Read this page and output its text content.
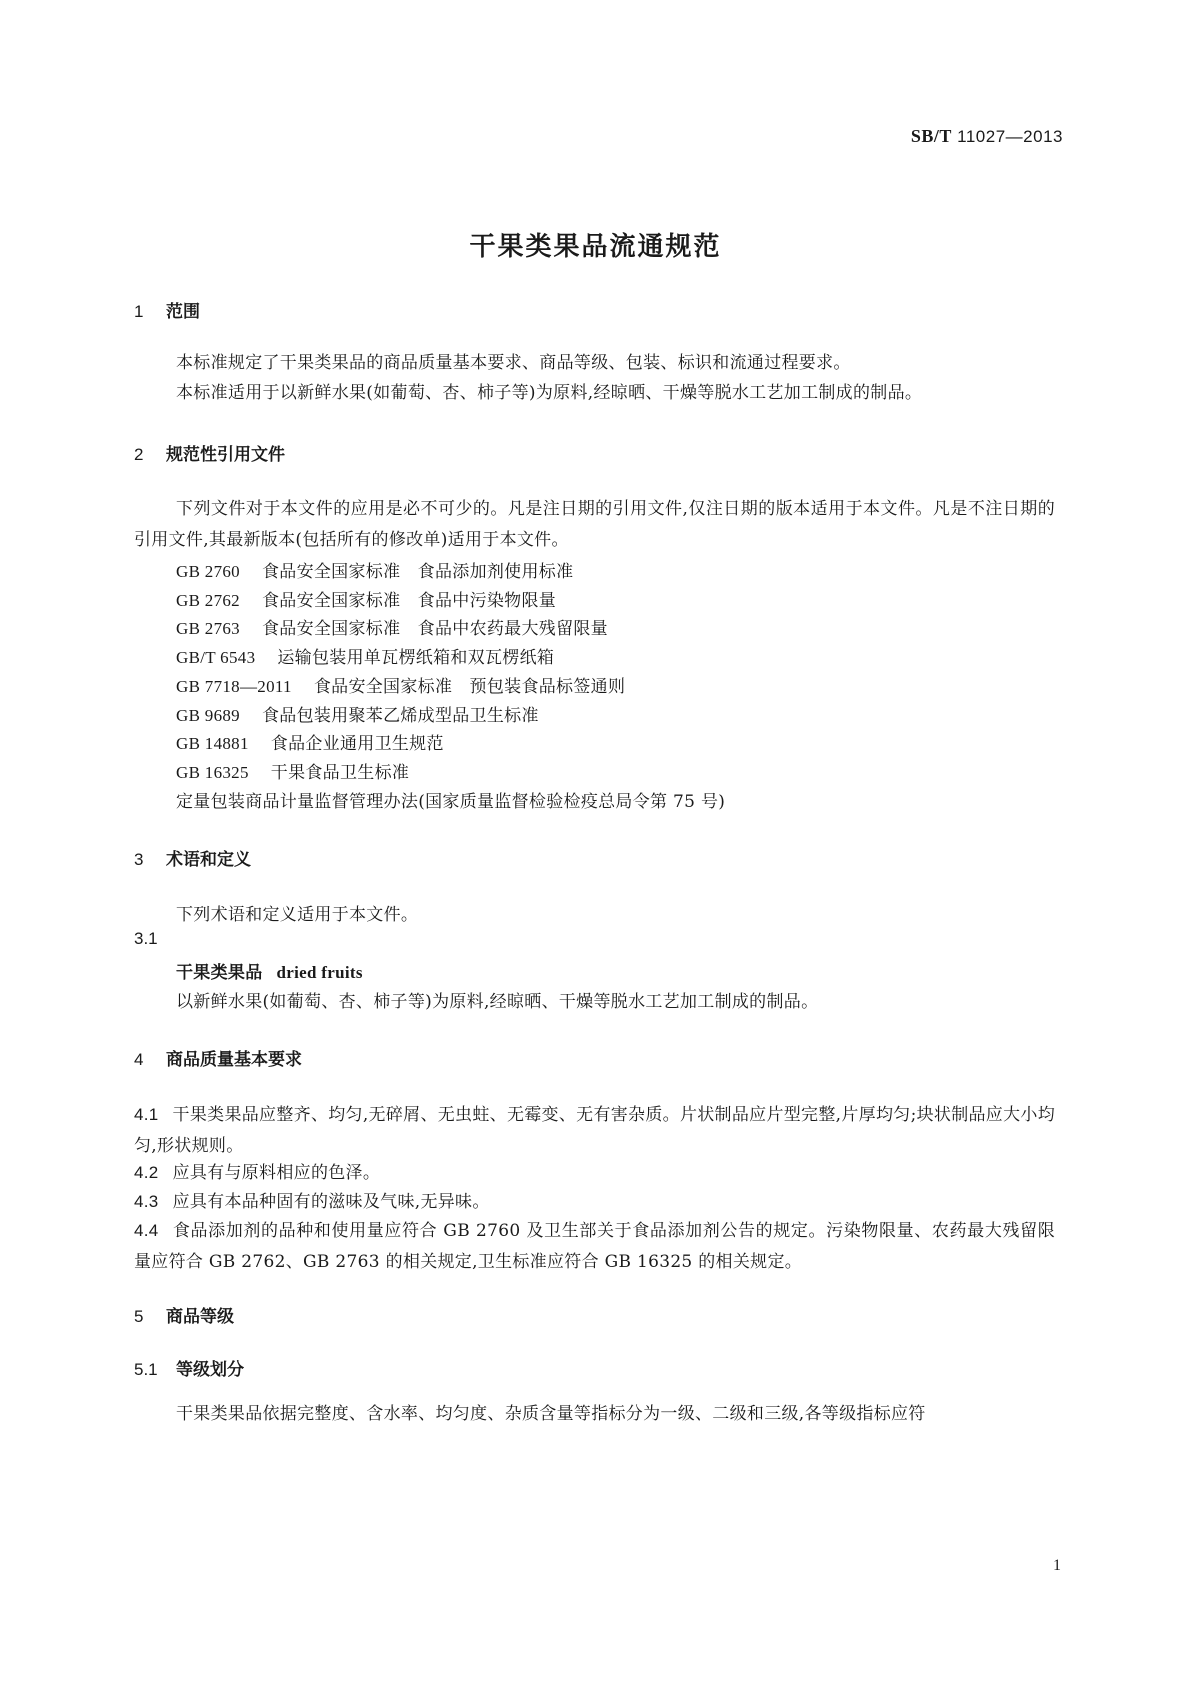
SB/T 11027—2013
干果类果品流通规范
1 范围

本标准规定了干果类果品的商品质量基本要求、商品等级、包装、标识和流通过程要求。

本标准适用于以新鲜水果(如葡萄、杏、柿子等)为原料,经晾晒、干燥等脱水工艺加工制成的制品。

2 规范性引用文件

下列文件对于本文件的应用是必不可少的。凡是注日期的引用文件,仅注日期的版本适用于本文件。凡是不注日期的引用文件,其最新版本(包括所有的修改单)适用于本文件。

GB 2760 食品安全国家标准　食品添加剂使用标准
GB 2762 食品安全国家标准　食品中污染物限量
GB 2763 食品安全国家标准　食品中农药最大残留限量
GB/T 6543 运输包装用单瓦楞纸箱和双瓦楞纸箱
GB 7718—2011 食品安全国家标准　预包装食品标签通则
GB 9689 食品包装用聚苯乙烯成型品卫生标准
GB 14881 食品企业通用卫生规范
GB 16325 干果食品卫生标准
定量包装商品计量监督管理办法(国家质量监督检验检疫总局令第 75 号)
3 术语和定义
下列术语和定义适用于本文件。
3.1
干果类果品 dried fruits
以新鲜水果(如葡萄、杏、柿子等)为原料,经晾晒、干燥等脱水工艺加工制成的制品。
4 商品质量基本要求

4.1 干果类果品应整齐、均匀,无碎屑、无虫蛀、无霉变、无有害杂质。片状制品应片型完整,片厚均匀;块状制品应大小均匀,形状规则。

4.2 应具有与原料相应的色泽。

4.3 应具有本品种固有的滋味及气味,无异味。

4.4 食品添加剂的品种和使用量应符合 GB 2760 及卫生部关于食品添加剂公告的规定。污染物限量、农药最大残留限量应符合 GB 2762、GB 2763 的相关规定,卫生标准应符合 GB 16325 的相关规定。

5 商品等级
5.1 等级划分
干果类果品依据完整度、含水率、均匀度、杂质含量等指标分为一级、二级和三级,各等级指标应符
1
